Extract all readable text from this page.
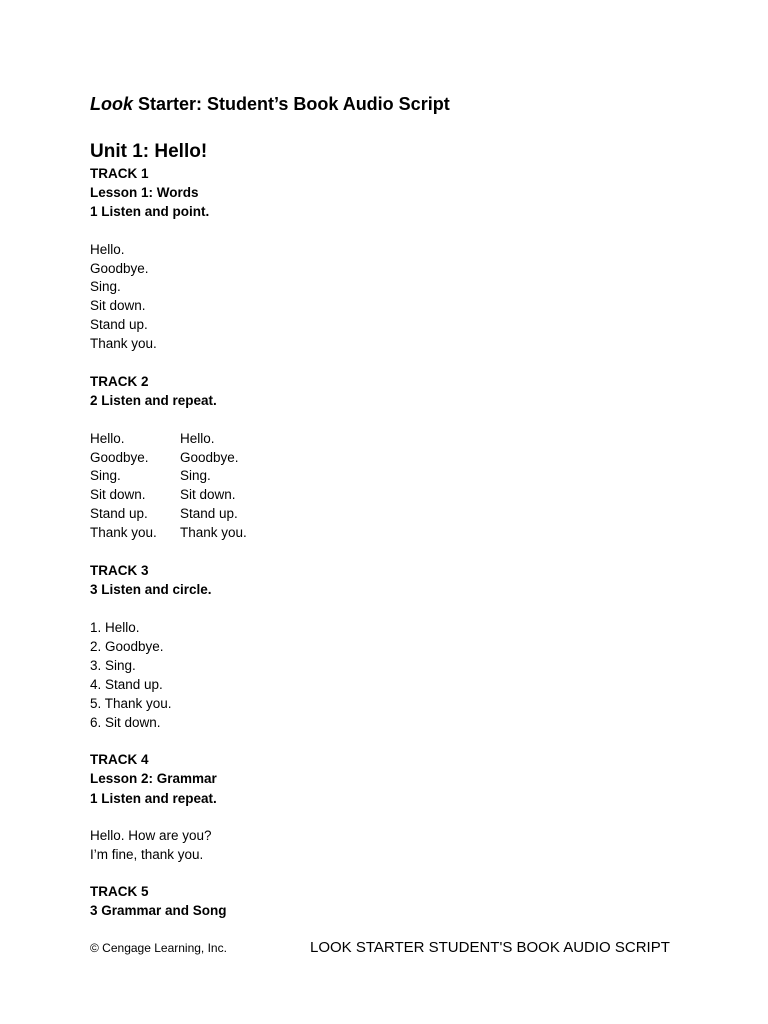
Look Starter: Student’s Book Audio Script
Unit 1: Hello!
TRACK 1
Lesson 1: Words
1 Listen and point.
Hello.
Goodbye.
Sing.
Sit down.
Stand up.
Thank you.
TRACK 2
2 Listen and repeat.
Hello.
Goodbye.
Sing.
Sit down.
Stand up.
Thank you.
Hello.
Goodbye.
Sing.
Sit down.
Stand up.
Thank you.
TRACK 3
3 Listen and circle.
1. Hello.
2. Goodbye.
3. Sing.
4. Stand up.
5. Thank you.
6. Sit down.
TRACK 4
Lesson 2: Grammar
1 Listen and repeat.
Hello. How are you?
I’m fine, thank you.
TRACK 5
3 Grammar and Song
© Cengage Learning, Inc.	LOOK STARTER STUDENT'S BOOK AUDIO SCRIPT
